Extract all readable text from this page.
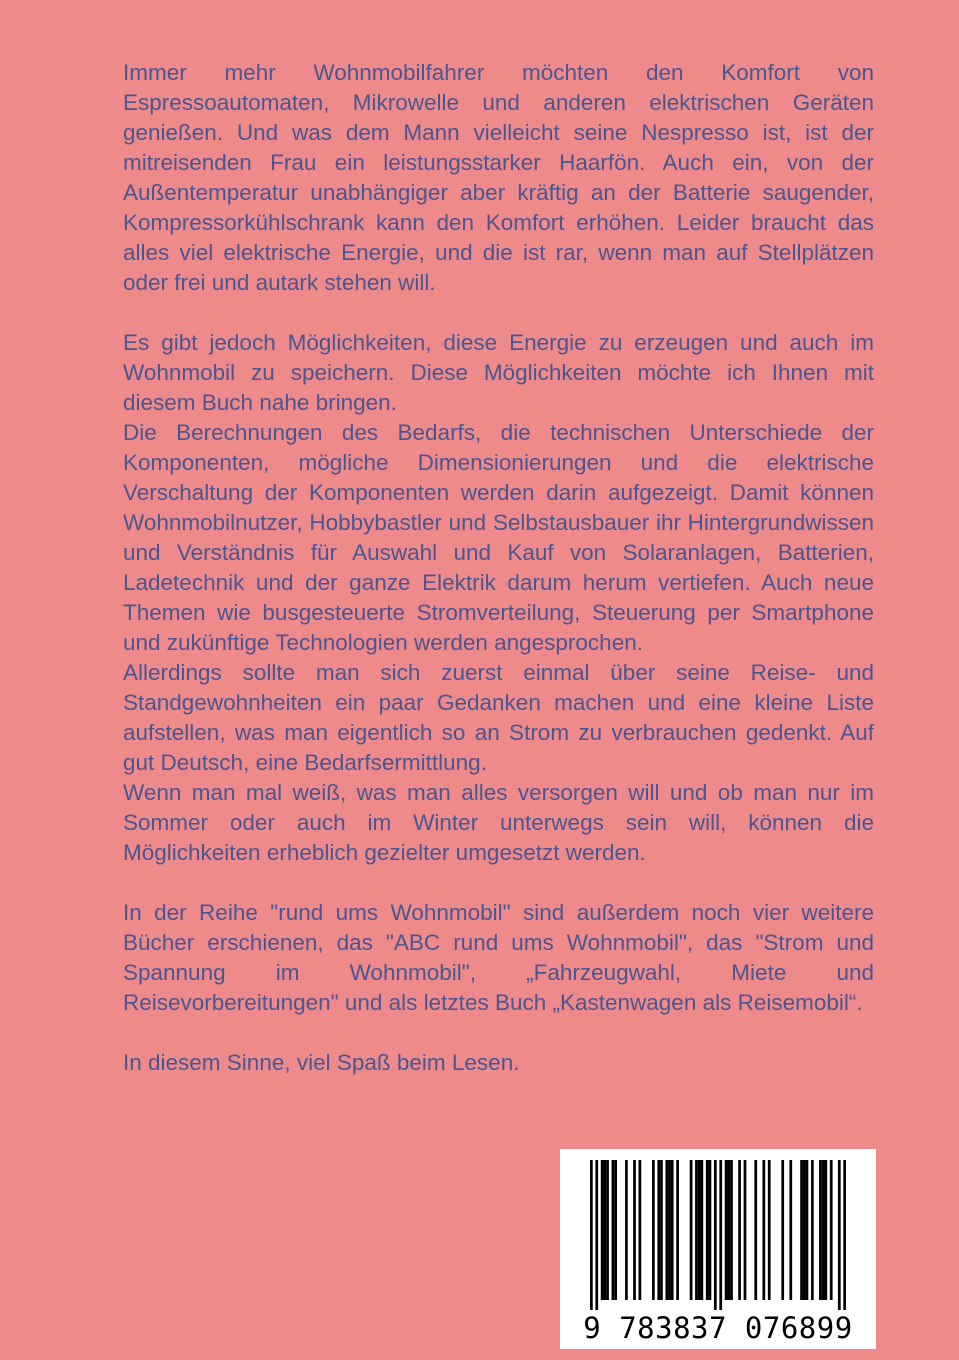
Immer mehr Wohnmobilfahrer möchten den Komfort von Espressoautomaten, Mikrowelle und anderen elektrischen Geräten genießen. Und was dem Mann vielleicht seine Nespresso ist, ist der mitreisenden Frau ein leistungsstarker Haarfön. Auch ein, von der Außentemperatur unabhängiger aber kräftig an der Batterie saugender, Kompressorkühlschrank kann den Komfort erhöhen. Leider braucht das alles viel elektrische Energie, und die ist rar, wenn man auf Stellplätzen oder frei und autark stehen will.

Es gibt jedoch Möglichkeiten, diese Energie zu erzeugen und auch im Wohnmobil zu speichern. Diese Möglichkeiten möchte ich Ihnen mit diesem Buch nahe bringen.

Die Berechnungen des Bedarfs, die technischen Unterschiede der Komponenten, mögliche Dimensionierungen und die elektrische Verschaltung der Komponenten werden darin aufgezeigt. Damit können Wohnmobilnutzer, Hobbybastler und Selbstausbauer ihr Hintergrundwissen und Verständnis für Auswahl und Kauf von Solaranlagen, Batterien, Ladetechnik und der ganze Elektrik darum herum vertiefen. Auch neue Themen wie busgesteuerte Stromverteilung, Steuerung per Smartphone und zukünftige Technologien werden angesprochen.

Allerdings sollte man sich zuerst einmal über seine Reise- und Standgewohnheiten ein paar Gedanken machen und eine kleine Liste aufstellen, was man eigentlich so an Strom zu verbrauchen gedenkt. Auf gut Deutsch, eine Bedarfsermittlung.

Wenn man mal weiß, was man alles versorgen will und ob man nur im Sommer oder auch im Winter unterwegs sein will, können die Möglichkeiten erheblich gezielter umgesetzt werden.

In der Reihe "rund ums Wohnmobil" sind außerdem noch vier weitere Bücher erschienen, das "ABC rund ums Wohnmobil", das "Strom und Spannung im Wohnmobil", „Fahrzeugwahl, Miete und Reisevorbereitungen" und als letztes Buch „Kastenwagen als Reisemobil“.

In diesem Sinne, viel Spaß beim Lesen.

9 783837 076899
